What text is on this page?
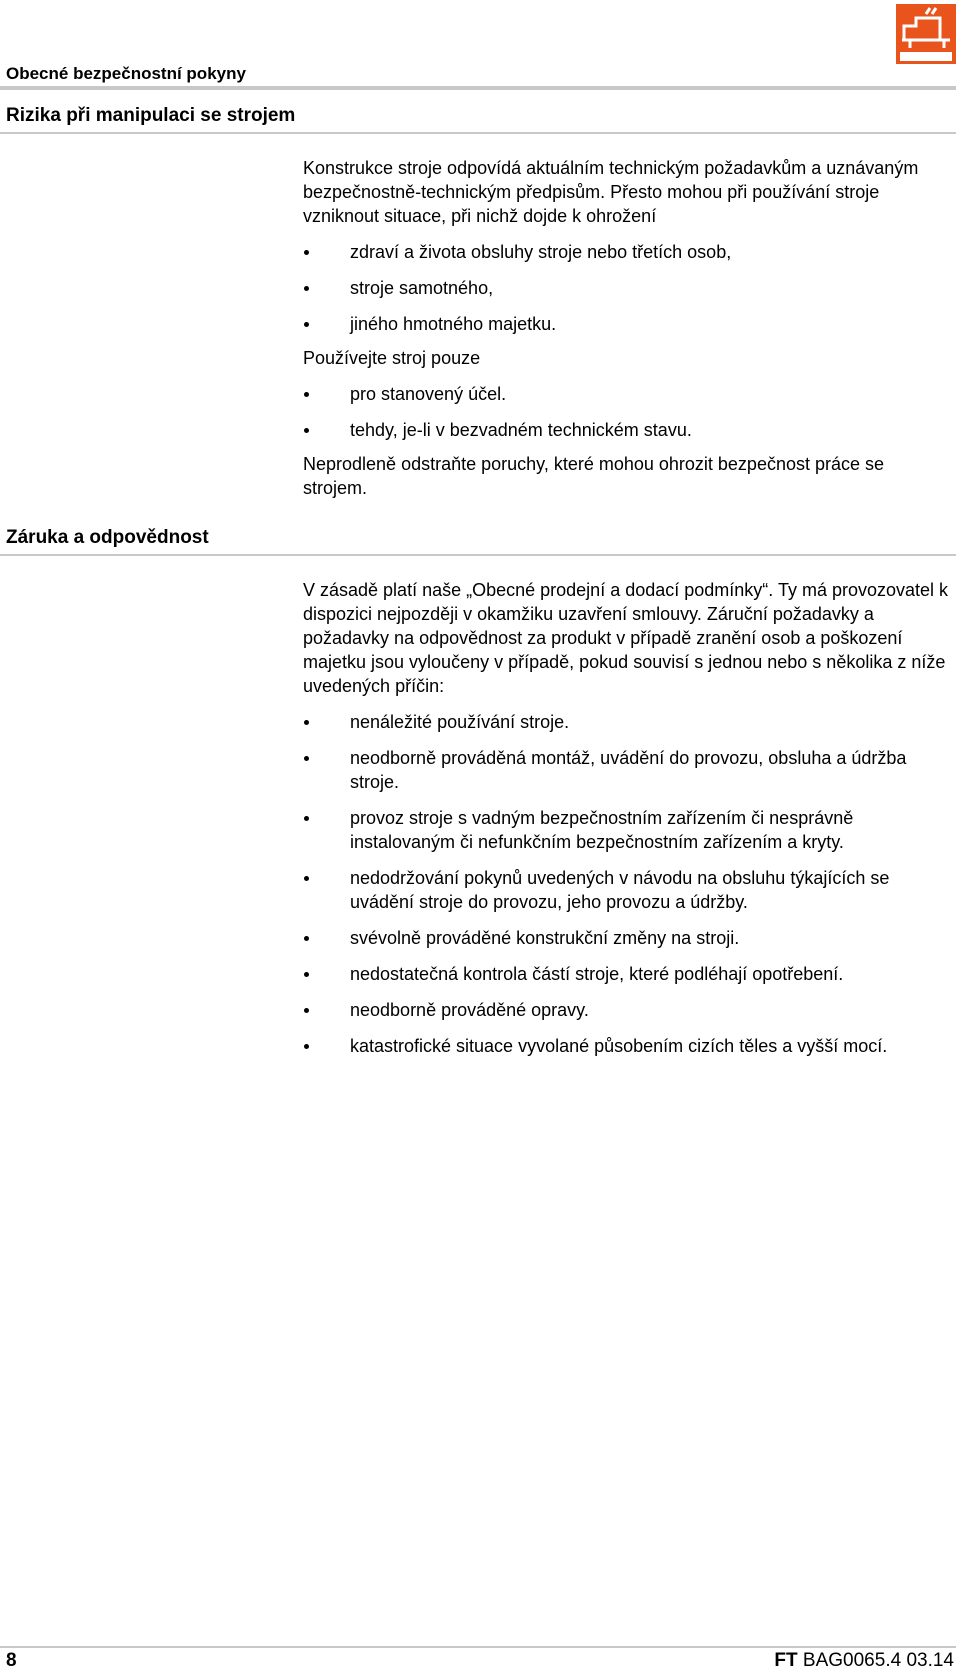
Obecné bezpečnostní pokyny
Rizika při manipulaci se strojem

Konstrukce stroje odpovídá aktuálním technickým požadavkům a uznávaným bezpečnostně-technickým předpisům. Přesto mohou při používání stroje vzniknout situace, při nichž dojde k ohrožení

zdraví a života obsluhy stroje nebo třetích osob,
stroje samotného,
jiného hmotného majetku.

Používejte stroj pouze

pro stanovený účel.
tehdy, je-li v bezvadném technickém stavu.

Neprodleně odstraňte poruchy, které mohou ohrozit bezpečnost práce se strojem.

Záruka a odpovědnost

V zásadě platí naše „Obecné prodejní a dodací podmínky“. Ty má provozovatel k dispozici nejpozději v okamžiku uzavření smlouvy. Záruční požadavky a požadavky na odpovědnost za produkt v případě zranění osob a poškození majetku jsou vyloučeny v případě, pokud souvisí s jednou nebo s několika z níže uvedených příčin:

nenáležité používání stroje.
neodborně prováděná montáž, uvádění do provozu, obsluha a údržba stroje.
provoz stroje s vadným bezpečnostním zařízením či nesprávně instalovaným či nefunkčním bezpečnostním zařízením a kryty.
nedodržování pokynů uvedených v návodu na obsluhu týkajících se uvádění stroje do provozu, jeho provozu a údržby.
svévolně prováděné konstrukční změny na stroji.
nedostatečná kontrola částí stroje, které podléhají opotřebení.
neodborně prováděné opravy.
katastrofické situace vyvolané působením cizích těles a vyšší mocí.
8	FT BAG0065.4 03.14
